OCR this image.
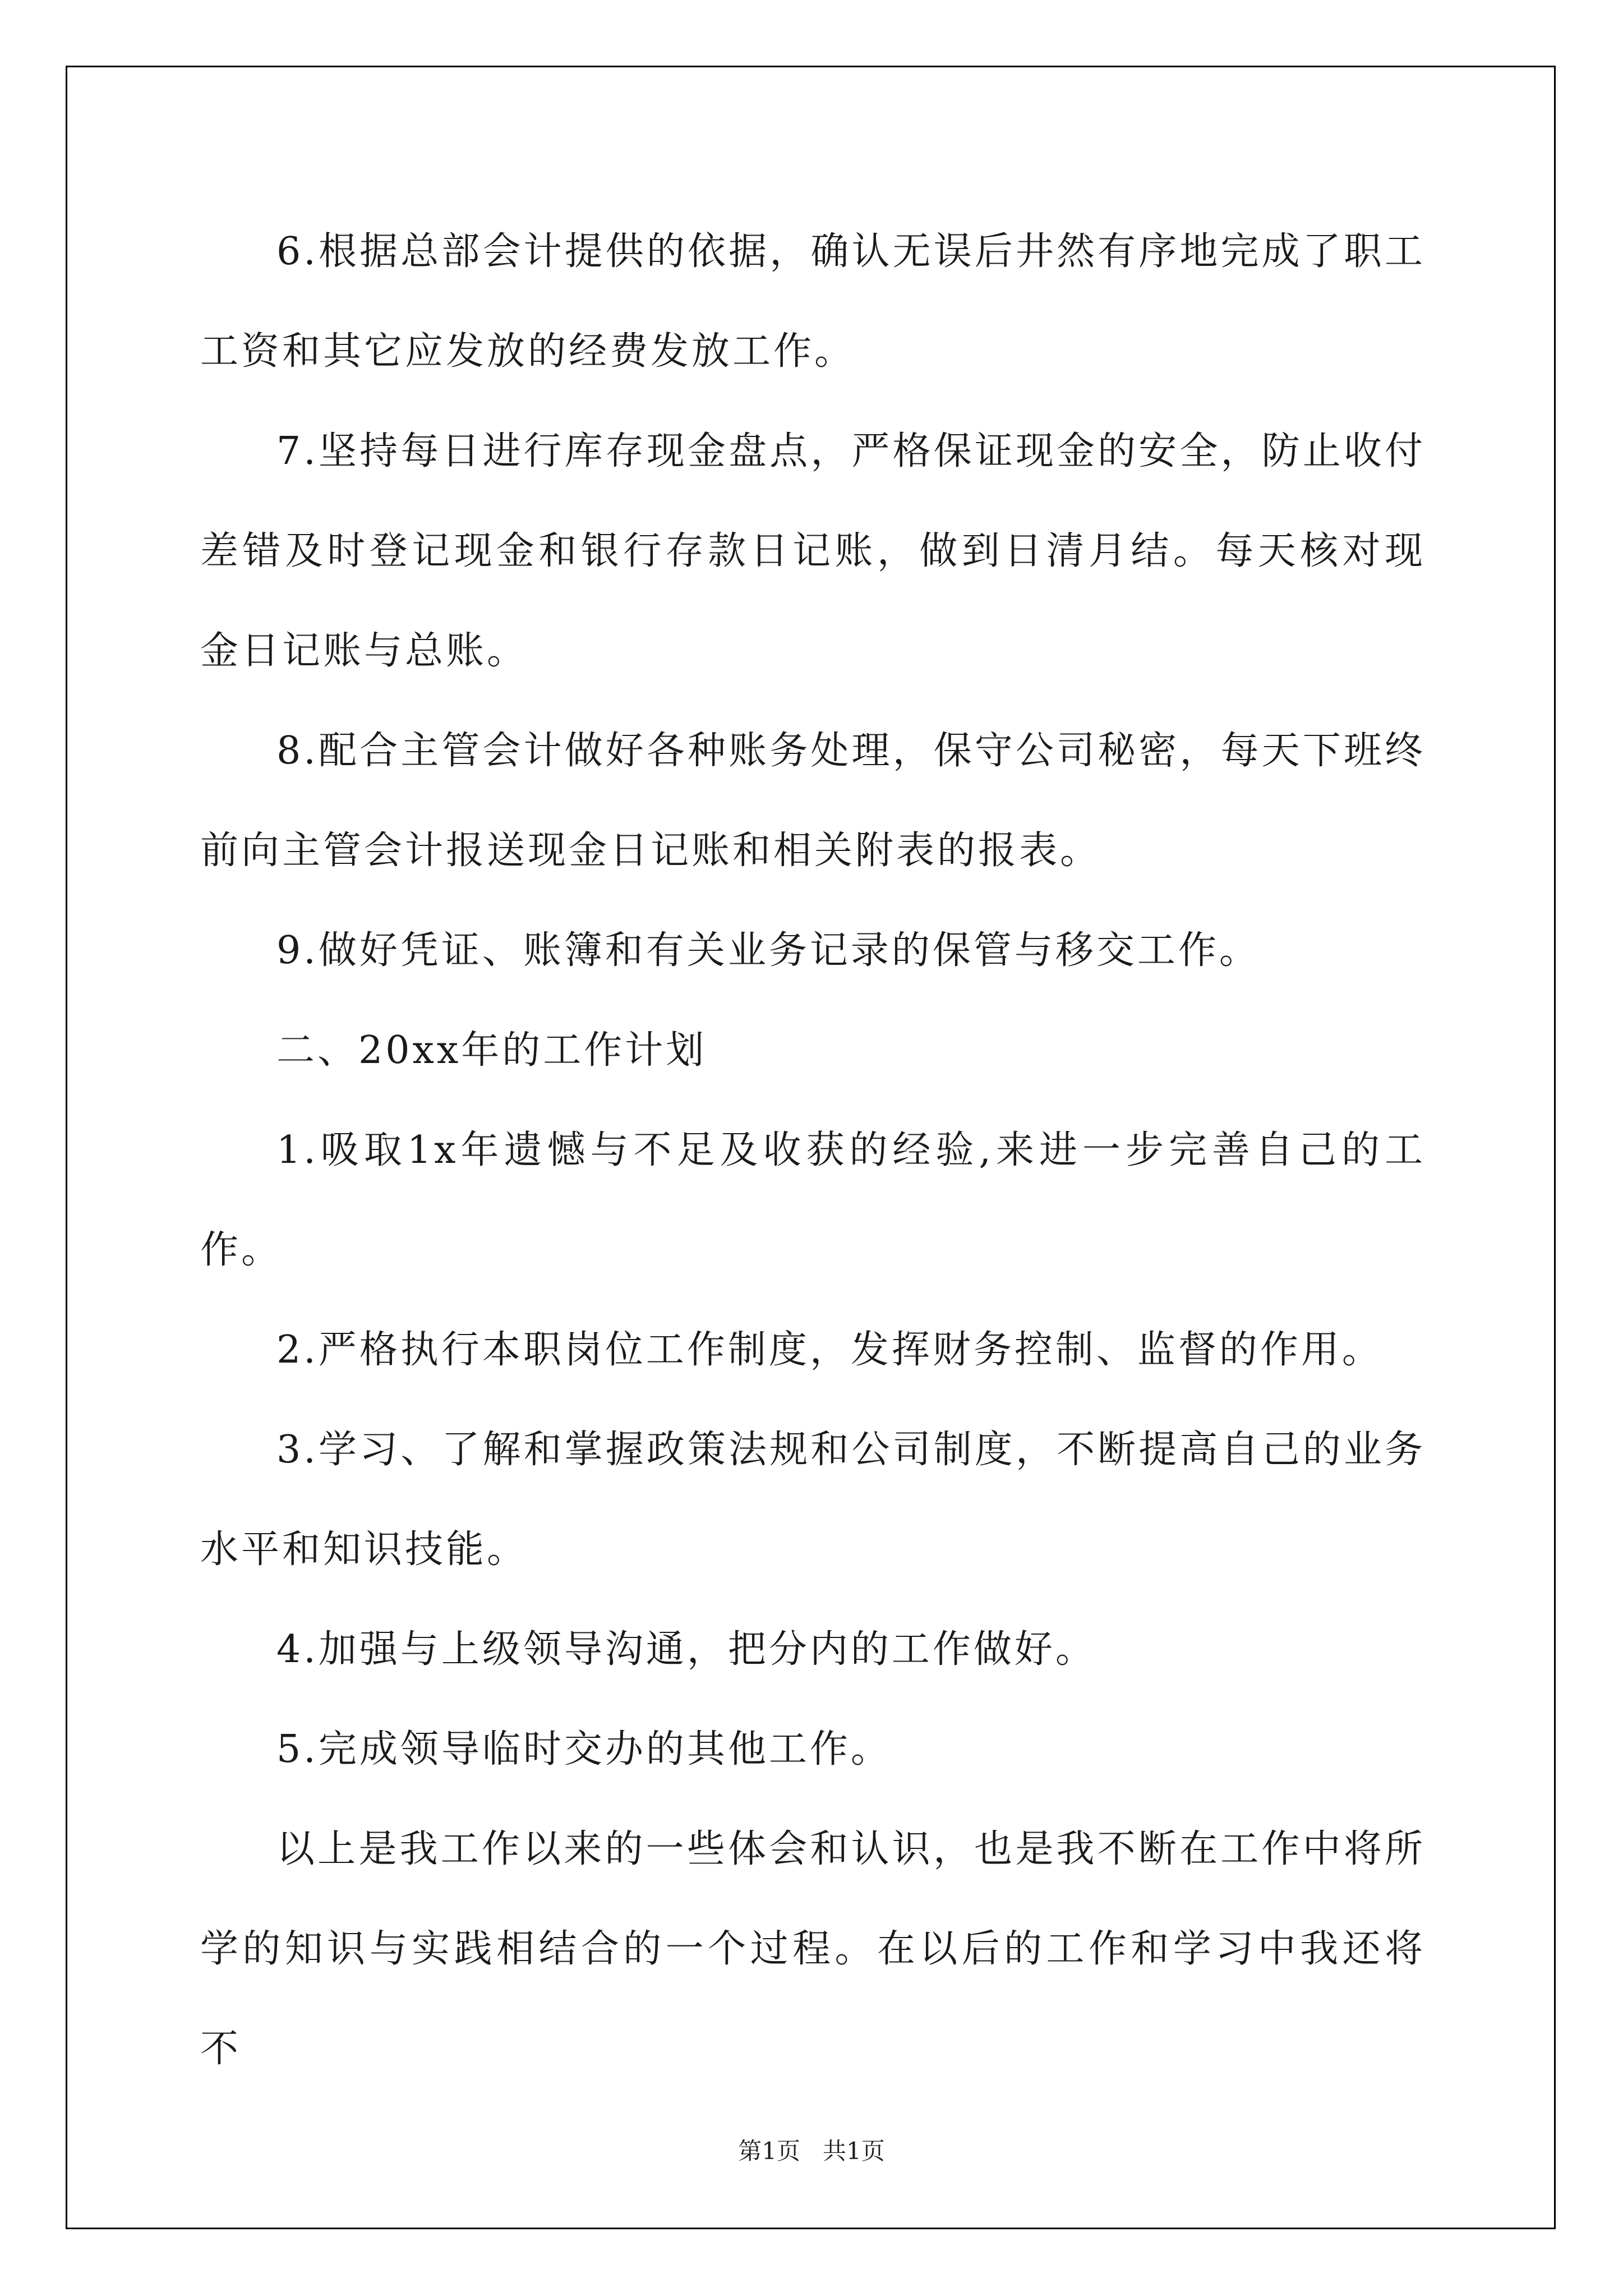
6.根据总部会计提供的依据，确认无误后井然有序地完成了职工工资和其它应发放的经费发放工作。

7.坚持每日进行库存现金盘点，严格保证现金的安全，防止收付差错及时登记现金和银行存款日记账，做到日清月结。每天核对现金日记账与总账。

8.配合主管会计做好各种账务处理，保守公司秘密，每天下班终前向主管会计报送现金日记账和相关附表的报表。

9.做好凭证、账簿和有关业务记录的保管与移交工作。

二、20xx年的工作计划

1.吸取1x年遗憾与不足及收获的经验,来进一步完善自己的工作。

2.严格执行本职岗位工作制度，发挥财务控制、监督的作用。

3.学习、了解和掌握政策法规和公司制度，不断提高自己的业务水平和知识技能。

4.加强与上级领导沟通，把分内的工作做好。

5.完成领导临时交办的其他工作。

以上是我工作以来的一些体会和认识，也是我不断在工作中将所学的知识与实践相结合的一个过程。在以后的工作和学习中我还将不

第1页 共1页
